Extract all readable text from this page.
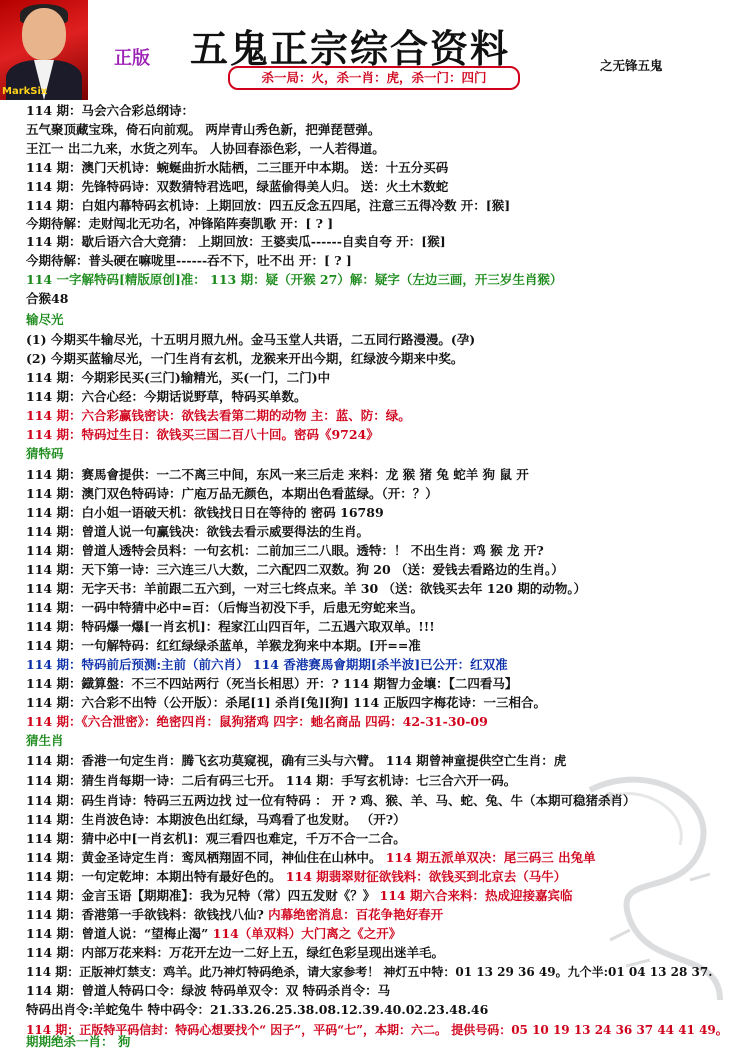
MarkSix
正版 五鬼正宗综合资料	之无锋五鬼
杀一局：火，杀一肖：虎，杀一门：四门
114 期：马会六合彩总纲诗：
五气聚顶藏宝珠，倚石向前观。 两岸青山秀色新，把弹琵琶弹。
王江一 岀二九来，水货之列车。 人协回春添色彩，一人若得道。
114 期：澳门天机诗：蜿蜒曲折水陆栖，二三匪开中本期。 送：十五分买码
114 期：先锋特码诗：双数猜特君选吧，绿蓝偷得美人归。 送：火土木数蛇
114 期：白姐内幕特码玄机诗：上期回放：四五反念五四尾，注意三五得冷数 开：[猴]
今期待解：走财闯北无功名，冲锋陷阵奏凯歌 开：[ ? ]
114 期：歇后语六合大竞猜： 上期回放：王婆卖瓜------自卖自夸 开：[猴]
今期待解：普头硬在嘛咙里------吞不下，吐不出 开：[ ? ]
114 一字解特码[精版原创]准： 113 期：疑（开猴 27）解：疑字（左边三画，开三岁生肖猴）
合猴48
输尽光
(1) 今期买牛输尽光，十五明月照九州。金马玉堂人共语，二五同行路漫漫。(孕)
(2) 今期买蓝输尽光，一门生肖有玄机，龙猴来开出今期，红绿波今期来中奖。
114 期：今期彩民买(三门)输精光，买(一门，二门)中
114 期：六合心经：今期话说野草，特码买单数。
114 期：六合彩赢钱密诀：欲钱去看第二期的动物 主：蓝、防：绿。
114 期：特码过生日：欲钱买三国二百八十回。密码《9724》
猜特码
114 期：赛馬會提供：一二不离三中间，东风一来三后走 来料：龙 猴 猪 兔 蛇羊 狗 鼠 开
114 期：澳门双色特码诗：广庖万品无颜色，本期出色看蓝绿。（开：？）
114 期：白小姐一语破天机：欲钱找日日在等待的 密码 16789
114 期：曾道人说一句赢钱决：欲钱去看示威要得法的生肖。
114 期：曾道人透特会员料：一句玄机：二前加三二八眼。透特：！ 不出生肖：鸡 猴 龙 开?
114 期：天下第一诗：三六连三八大数，二六配四二双数。狗 20 （送：爱钱去看路边的生肖。）
114 期：无字天书：羊前跟二五六到，一对三七终点来。羊 30 （送：欲钱买去年 120 期的动物。）
114 期：一码中特猜中必中=百：（后悔当初没下手，后患无穷蛇来当。
114 期：特码爆一爆[一肖玄机]：程家江山四百年，二五遇六取双单。!!!
114 期：一句解特码：红红绿绿杀蓝单，羊猴龙狗来中本期。[开==准
114 期：特码前后预测:主前（前六肖） 114 香港赛馬會期期[杀半波]已公开：红双准
114 期：鐡算盤：不三不四站两行（死当长相思）开：? 114 期智力金壤：【二四看马】
114 期：六合彩不出特（公开版）：杀尾[1] 杀肖[兔][狗] 114 正版四字梅花诗：一三相合。
114 期：《六合泄密》：绝密四肖：鼠狗猪鸡 四字：虵名商品 四码：42-31-30-09
猜生肖
114 期：香港一句定生肖：腾飞玄功莫窥视，确有三头与六臂。 114 期曾神童提供空亡生肖：虎
114 期：猜生肖每期一诗：二后有码三七开。 114 期：手写玄机诗：七三合六开一码。
114 期：码生肖诗：特码三五两边找 过一位有特码 ： 开 ? 鸡、猴、羊、马、蛇、兔、牛（本期可稳猪杀肖）
114 期：生肖波色诗：本期波色出红绿，马鸡看了也发财。 （开?）
114 期：猜中必中[一肖玄机]：观三看四也难定，千万不合一二合。
114 期：黄金圣诗定生肖：鸾凤栖翔固不同，神仙住在山林中。 114 期五派单双决：尾三码三 出兔单
114 期：一句定乾坤：本期出特有最好色的。 114 期翡翠财征欲钱料：欲钱买到北京去（马牛）
114 期：金言玉语【期期准】：我为兄特（常）四五发财《？》 114 期六合来料：热成迎接嘉宾临
114 期：香港第一手欲钱料：欲钱找八仙? 内幕绝密消息：百花争艳好春开
114 期：曾道人说：“望梅止渴” 114（单双料）大门离之《之开》
114 期：内部万花来料：万花开左边一二好上五，绿红色彩呈现出迷羊毛。
114 期：正版神灯禁支：鸡羊。此乃神灯特码绝杀，请大家参考！ 神灯五中特：01 13 29 36 49。九个半:01 04 13 28 37.
114 期：曾道人特码口令：绿波 特码单双令：双 特码杀肖令：马
特码出肖令:羊蛇兔牛 特中码令：21.33.26.25.38.08.12.39.40.02.23.48.46
114 期：正版特平码信封：特码心想要找个“ 因子”，平码“七”，本期：六二。 提供号码：05 10 19 13 24 36 37 44 41 49。
期期绝杀一肖： 狗
